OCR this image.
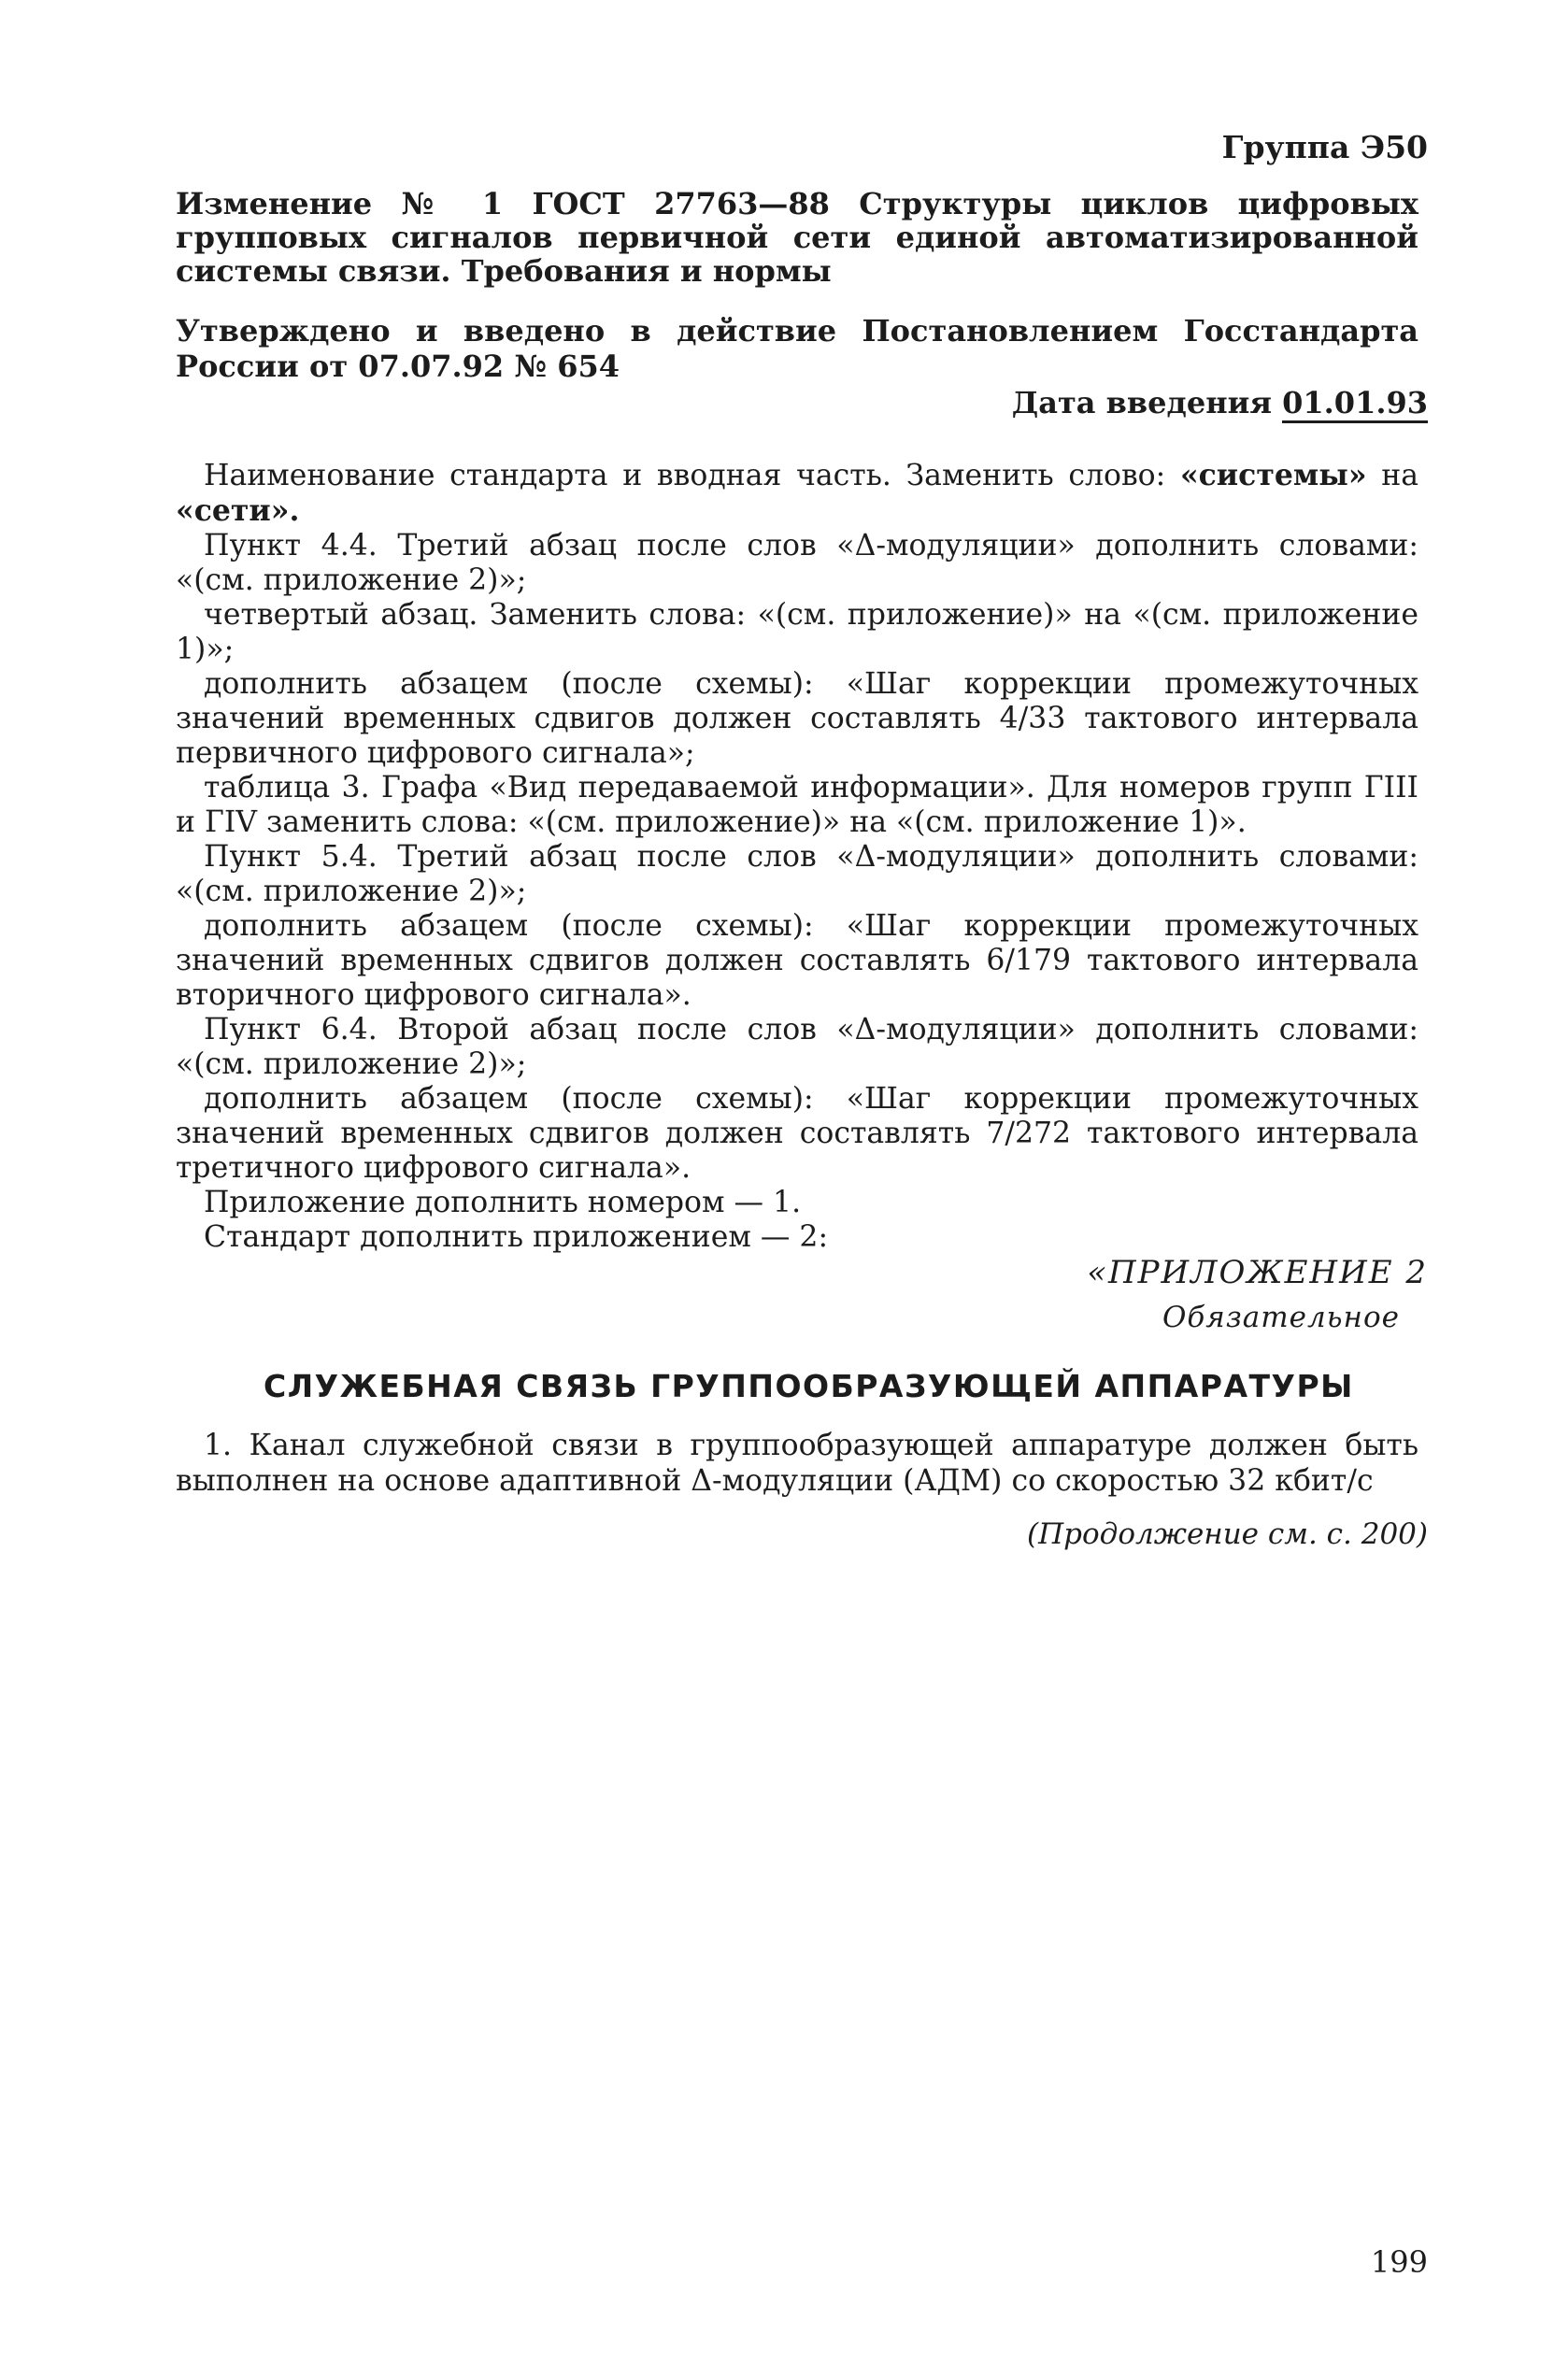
Группа Э50
Изменение № 1 ГОСТ 27763—88 Структуры циклов цифровых групповых сигналов первичной сети единой автоматизированной системы связи. Требования и нормы
Утверждено и введено в действие Постановлением Госстандарта России от 07.07.92 № 654
Дата введения 01.01.93

Наименование стандарта и вводная часть. Заменить слово: «системы» на «сети».

Пункт 4.4. Третий абзац после слов «Δ-модуляции» дополнить словами: «(см. приложение 2)»;

четвертый абзац. Заменить слова: «(см. приложение)» на «(см. приложение 1)»;

дополнить абзацем (после схемы): «Шаг коррекции промежуточных значений временных сдвигов должен составлять 4/33 тактового интервала первичного цифрового сигнала»;

таблица 3. Графа «Вид передаваемой информации». Для номеров групп ГIII и ГIV заменить слова: «(см. приложение)» на «(см. приложение 1)».

Пункт 5.4. Третий абзац после слов «Δ-модуляции» дополнить словами: «(см. приложение 2)»;

дополнить абзацем (после схемы): «Шаг коррекции промежуточных значений временных сдвигов должен составлять 6/179 тактового интервала вторичного цифрового сигнала».

Пункт 6.4. Второй абзац после слов «Δ-модуляции» дополнить словами: «(см. приложение 2)»;

дополнить абзацем (после схемы): «Шаг коррекции промежуточных значений временных сдвигов должен составлять 7/272 тактового интервала третичного цифрового сигнала».

Приложение дополнить номером — 1.

Стандарт дополнить приложением — 2:

«ПРИЛОЖЕНИЕ 2
Обязательное
СЛУЖЕБНАЯ СВЯЗЬ ГРУППООБРАЗУЮЩЕЙ АППАРАТУРЫ

1. Канал служебной связи в группообразующей аппаратуре должен быть выполнен на основе адаптивной Δ-модуляции (АДМ) со скоростью 32 кбит/с

(Продолжение см. с. 200)
199
